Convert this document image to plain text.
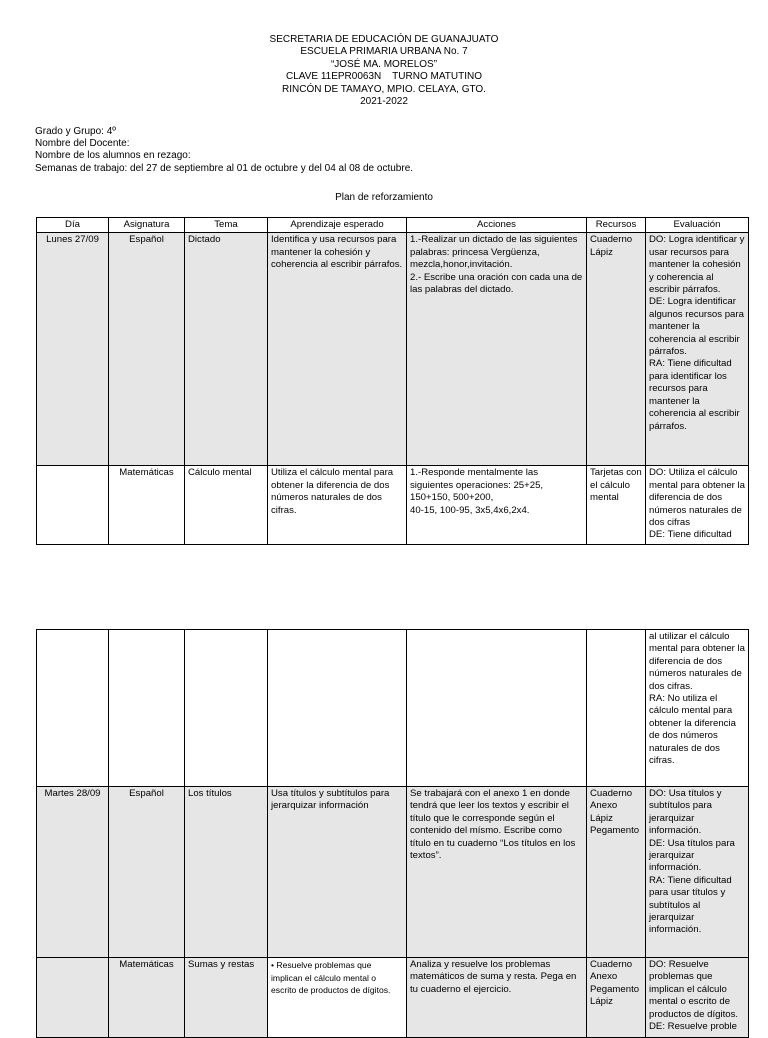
SECRETARIA DE EDUCACIÓN DE GUANAJUATO
ESCUELA PRIMARIA URBANA No. 7
“JOSÉ MA. MORELOS”
CLAVE 11EPR0063N    TURNO MATUTINO
RINCÓN DE TAMAYO, MPIO. CELAYA, GTO.
2021-2022
Grado y Grupo: 4º
Nombre del Docente:
Nombre de los alumnos en rezago:
Semanas de trabajo: del 27 de septiembre al 01 de octubre y del 04 al 08 de octubre.
Plan de reforzamiento
Día	Asignatura	Tema	Aprendizaje esperado	Acciones	Recursos	Evaluación
Lunes 27/09	Español	Dictado	Identifica y usa recursos para mantener la cohesión y coherencia al escribir párrafos.	1.-Realizar un dictado de las siguientes palabras: princesa Vergüenza, mezcla,honor,invitación.
2.- Escribe una oración con cada una de las palabras del dictado.	Cuaderno Lápiz	DO: Logra identificar y usar recursos para mantener la cohesión y coherencia al escribir párrafos.
DE: Logra identificar algunos recursos para mantener la coherencia al escribir párrafos.
RA: Tiene dificultad para identificar los recursos para mantener la coherencia al escribir párrafos.
	Matemáticas	Cálculo mental	Utiliza el cálculo mental para obtener la diferencia de dos números naturales de dos cifras.	1.-Responde mentalmente las siguientes operaciones: 25+25, 150+150, 500+200,
40-15, 100-95, 3x5,4x6,2x4.	Tarjetas con el cálculo mental	DO: Utiliza el cálculo mental para obtener la diferencia de dos números naturales de dos cifras
DE: Tiene dificultad
						al utilizar el cálculo mental para obtener la diferencia de dos números naturales de dos cifras.
RA: No utiliza el cálculo mental para obtener la diferencia de dos números naturales de dos cifras.
Martes 28/09	Español	Los títulos	Usa títulos y subtítulos para jerarquizar información	Se trabajará con el anexo 1 en donde tendrá que leer los textos y escribir el título que le corresponde según el contenido del mísmo. Escribe como título en tu cuaderno “Los títulos en los textos”.	Cuaderno Anexo Lápiz Pegamento	DO: Usa títulos y subtítulos para jerarquizar información.
DE: Usa títulos para jerarquizar información.
RA: Tiene dificultad para usar títulos y subtítulos al jerarquizar información.
	Matemáticas	Sumas y restas	• Resuelve problemas que implican el cálculo mental o escrito de productos de dígitos.	Analiza y resuelve los problemas matemáticos de suma y resta. Pega en tu cuaderno el ejercicio.	Cuaderno Anexo Pegamento Lápiz	DO: Resuelve problemas que implican el cálculo mental o escrito de productos de dígitos.
DE: Resuelve proble
